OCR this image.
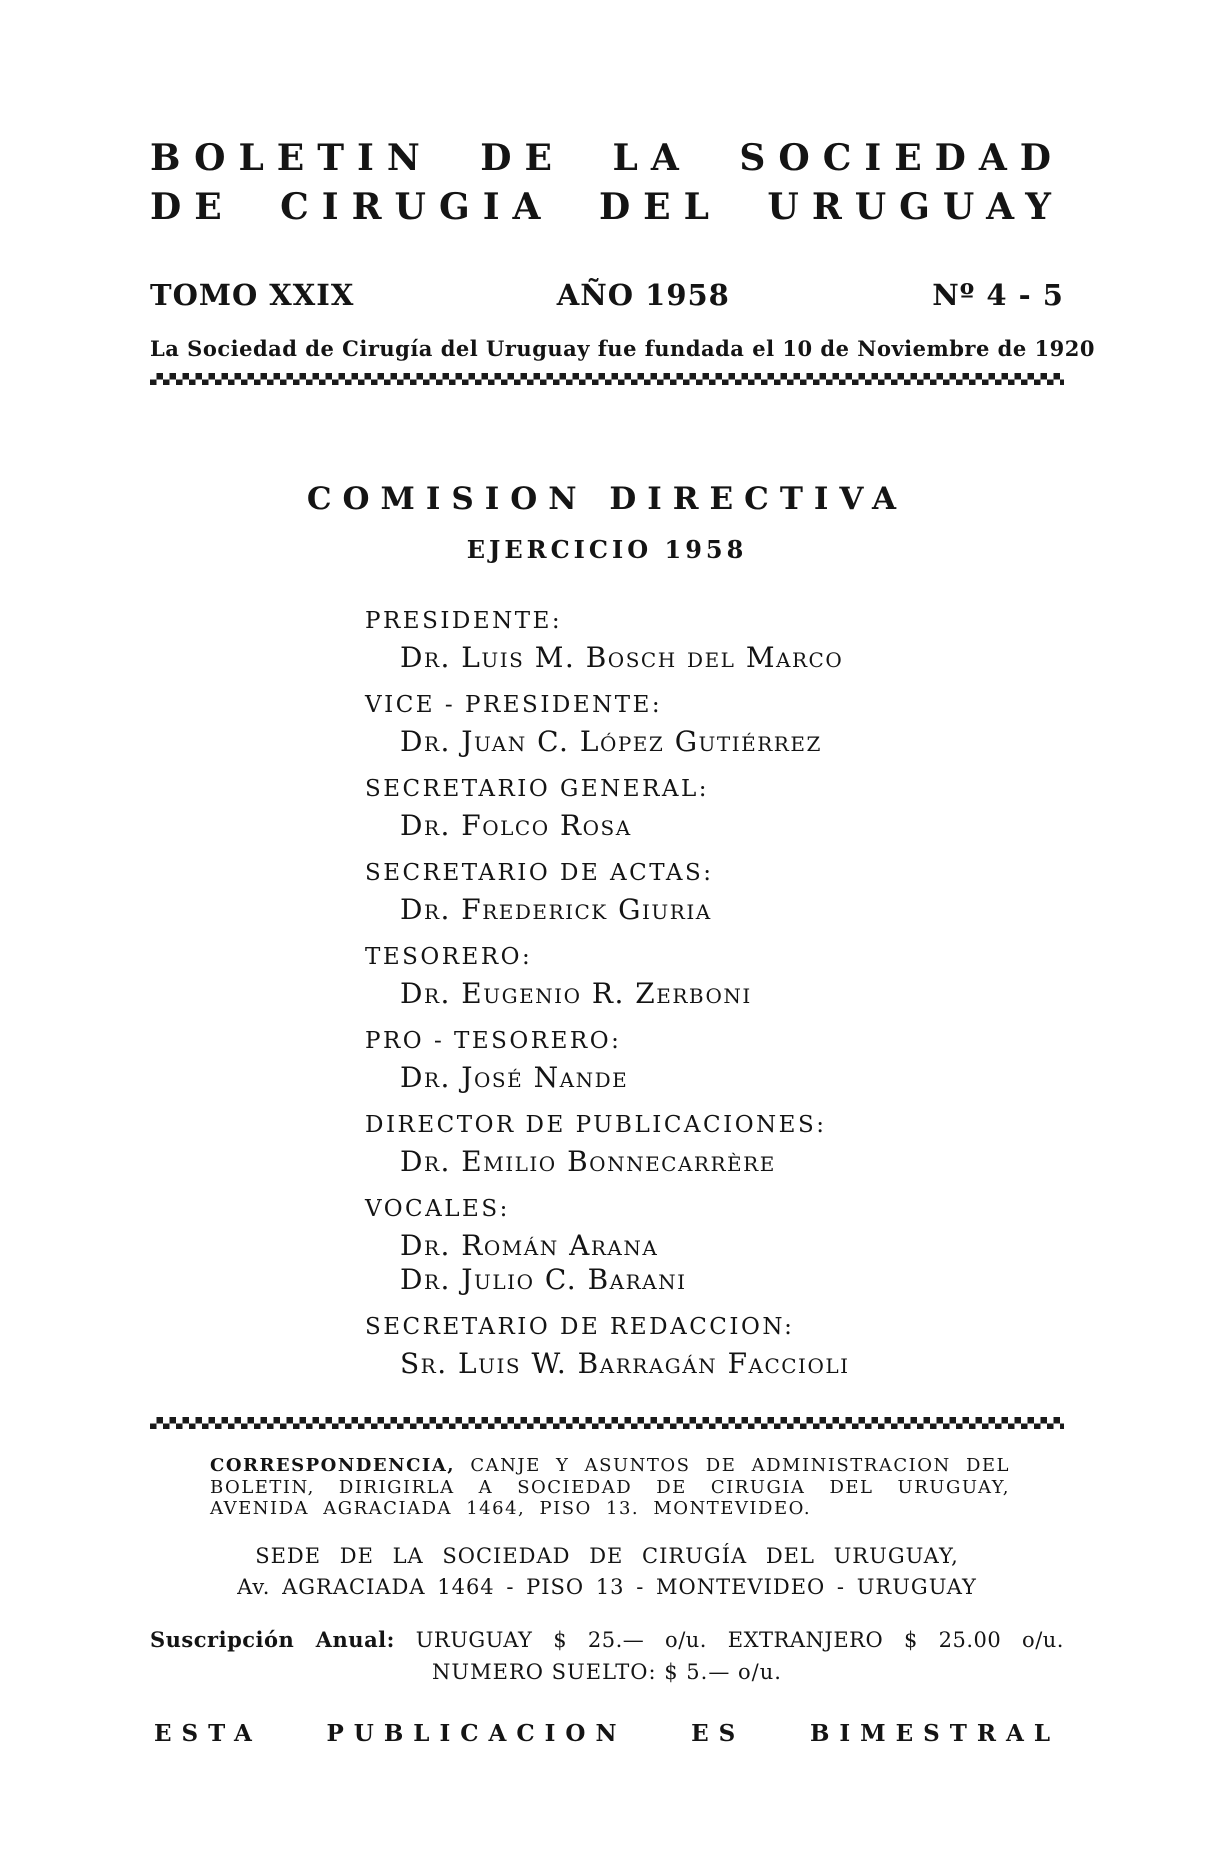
BOLETIN DE LA SOCIEDAD
DE CIRUGIA DEL URUGUAY
TOMO XXIX	AÑO 1958	Nº 4 - 5
La Sociedad de Cirugía del Uruguay fue fundada el 10 de Noviembre de 1920
COMISION DIRECTIVA
EJERCICIO 1958
PRESIDENTE:
Dr. Luis M. Bosch del Marco
VICE - PRESIDENTE:
Dr. Juan C. López Gutiérrez
SECRETARIO GENERAL:
Dr. Folco Rosa
SECRETARIO DE ACTAS:
Dr. Frederick Giuria
TESORERO:
Dr. Eugenio R. Zerboni
PRO - TESORERO:
Dr. José Nande
DIRECTOR DE PUBLICACIONES:
Dr. Emilio Bonnecarrère
VOCALES:
Dr. Román Arana
Dr. Julio C. Barani
SECRETARIO DE REDACCION:
Sr. Luis W. Barragán Faccioli

CORRESPONDENCIA, CANJE Y ASUNTOS DE ADMINISTRACION DEL BOLETIN, DIRIGIRLA A SOCIEDAD DE CIRUGIA DEL URUGUAY, AVENIDA AGRACIADA 1464, PISO 13. MONTEVIDEO.

SEDE DE LA SOCIEDAD DE CIRUGÍA DEL URUGUAY,

Av. AGRACIADA 1464 - PISO 13 - MONTEVIDEO - URUGUAY

Suscripción Anual: URUGUAY $ 25.— o/u. EXTRANJERO $ 25.00 o/u.

NUMERO SUELTO: $ 5.— o/u.

ESTA PUBLICACION ES BIMESTRAL
